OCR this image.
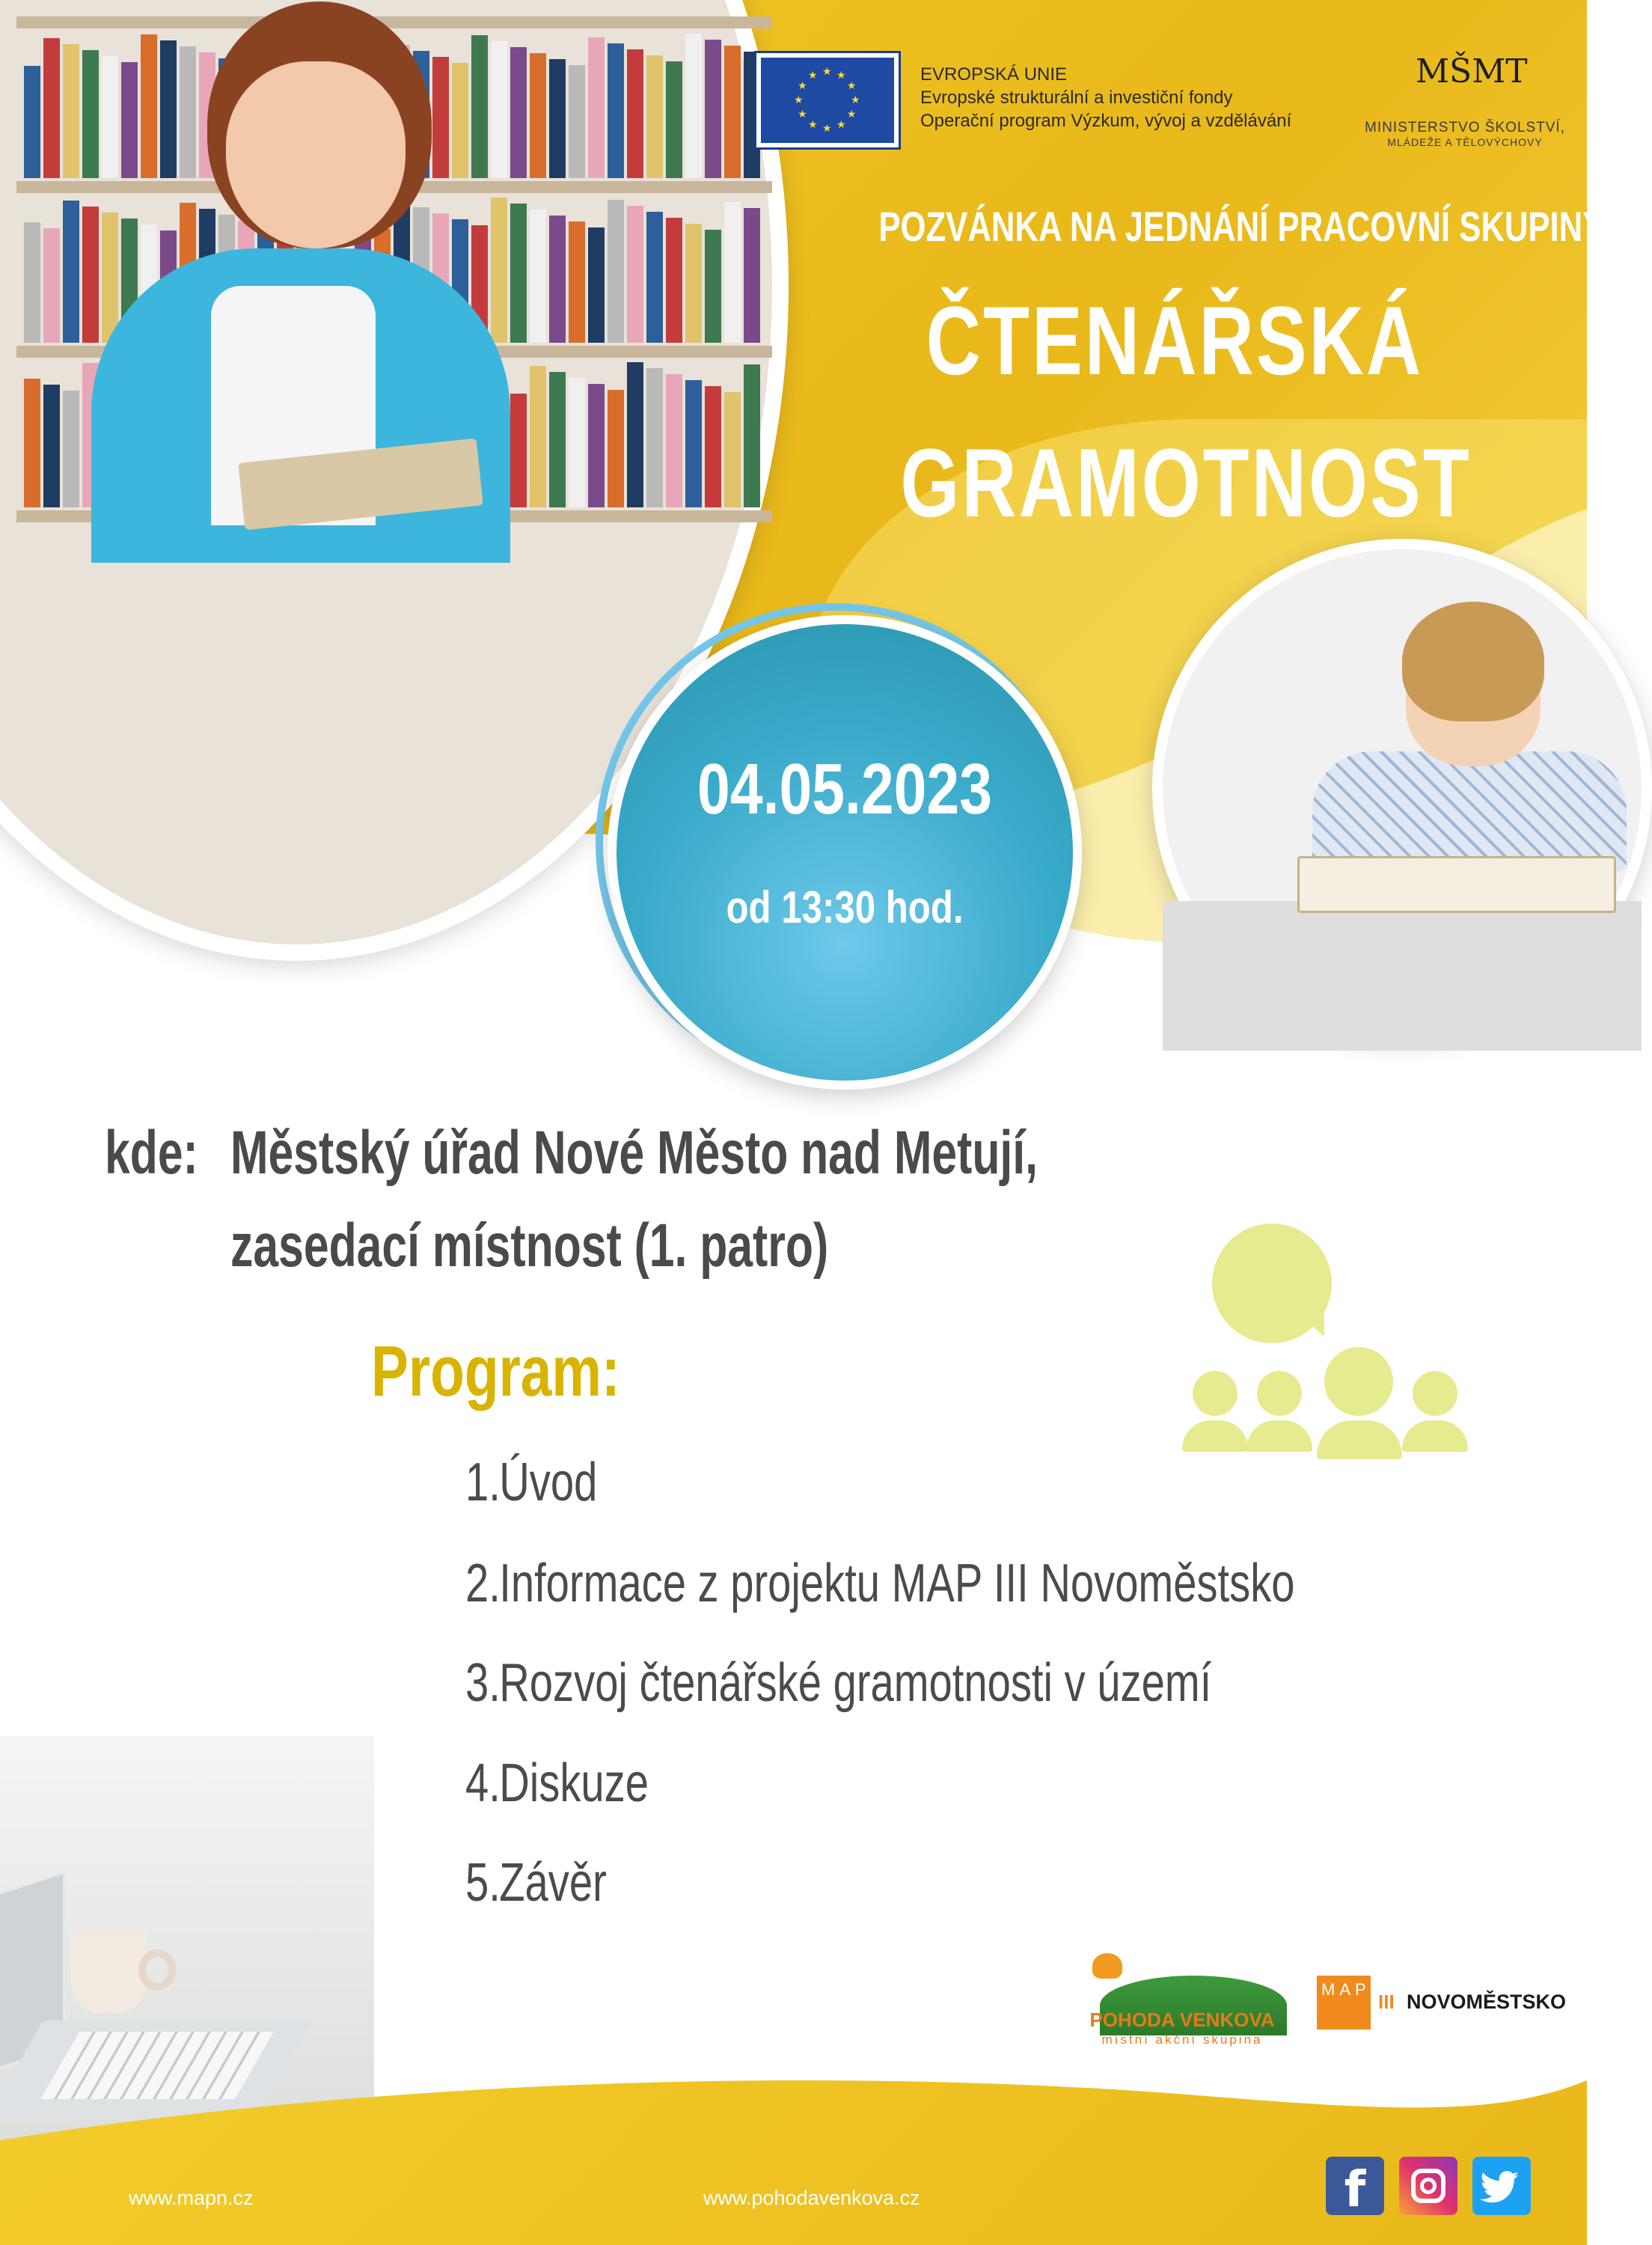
★
★
★
★
★
★
★
★
★ ★ ★
★
EVROPSKÁ UNIE
Evropské strukturální a investiční fondy
Operační program Výzkum, vývoj a vzdělávání
MŠMT
MINISTERSTVO ŠKOLSTVÍ,
MLÁDEŽE A TĚLOVÝCHOVY
POZVÁNKA NA JEDNÁNÍ PRACOVNÍ SKUPINY
ČTENÁŘSKÁ
GRAMOTNOST
04.05.2023
od 13:30 hod.
kde: Městský úřad Nové Město nad Metují,
zasedací místnost (1. patro)
Program:
1.Úvod
2.Informace z projektu MAP III Novoměstsko
3.Rozvoj čtenářské gramotnosti v území
4.Diskuze
5.Závěr
POHODA VENKOVA
místní akční skupina
MAP
III NOVOMĚSTSKO
www.mapn.cz	www.pohodavenkova.cz	f
